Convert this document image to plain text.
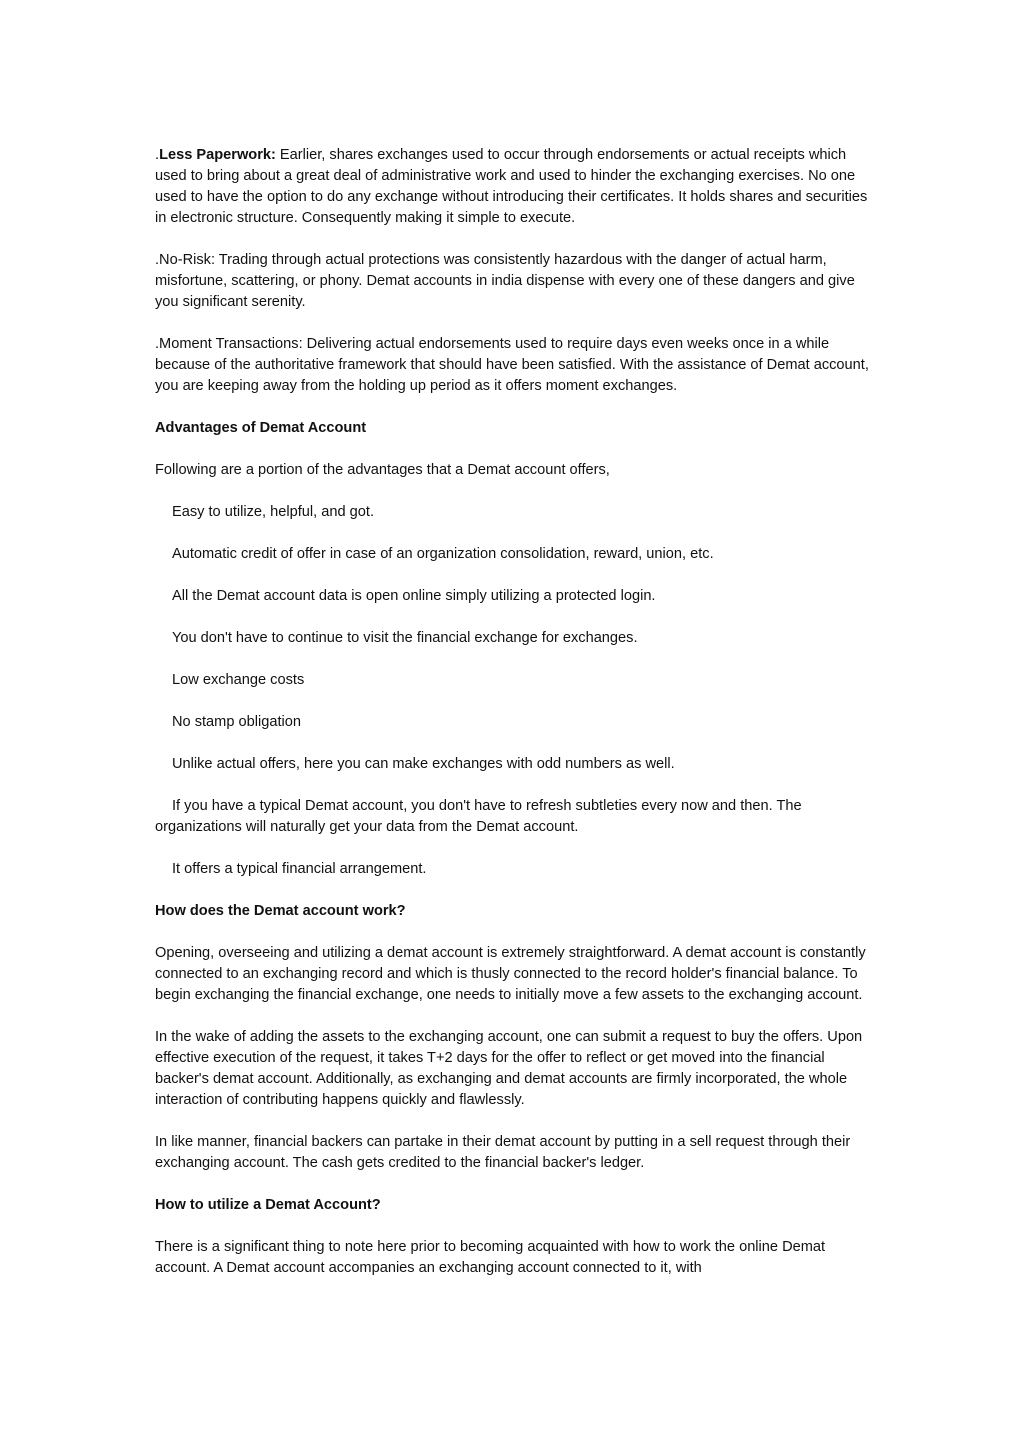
.Less Paperwork: Earlier, shares exchanges used to occur through endorsements or actual receipts which used to bring about a great deal of administrative work and used to hinder the exchanging exercises. No one used to have the option to do any exchange without introducing their certificates. It holds shares and securities in electronic structure. Consequently making it simple to execute.

.No-Risk: Trading through actual protections was consistently hazardous with the danger of actual harm, misfortune, scattering, or phony. Demat accounts in india dispense with every one of these dangers and give you significant serenity.

.Moment Transactions: Delivering actual endorsements used to require days even weeks once in a while because of the authoritative framework that should have been satisfied. With the assistance of Demat account, you are keeping away from the holding up period as it offers moment exchanges.

Advantages of Demat Account

Following are a portion of the advantages that a Demat account offers,

Easy to utilize, helpful, and got.

Automatic credit of offer in case of an organization consolidation, reward, union, etc.

All the Demat account data is open online simply utilizing a protected login.

You don't have to continue to visit the financial exchange for exchanges.

Low exchange costs

No stamp obligation

Unlike actual offers, here you can make exchanges with odd numbers as well.

If you have a typical Demat account, you don't have to refresh subtleties every now and then. The organizations will naturally get your data from the Demat account.

It offers a typical financial arrangement.

How does the Demat account work?

Opening, overseeing and utilizing a demat account is extremely straightforward. A demat account is constantly connected to an exchanging record and which is thusly connected to the record holder's financial balance. To begin exchanging the financial exchange, one needs to initially move a few assets to the exchanging account.

In the wake of adding the assets to the exchanging account, one can submit a request to buy the offers. Upon effective execution of the request, it takes T+2 days for the offer to reflect or get moved into the financial backer's demat account. Additionally, as exchanging and demat accounts are firmly incorporated, the whole interaction of contributing happens quickly and flawlessly.

In like manner, financial backers can partake in their demat account by putting in a sell request through their exchanging account. The cash gets credited to the financial backer's ledger.

How to utilize a Demat Account?

There is a significant thing to note here prior to becoming acquainted with how to work the online Demat account. A Demat account accompanies an exchanging account connected to it, with
